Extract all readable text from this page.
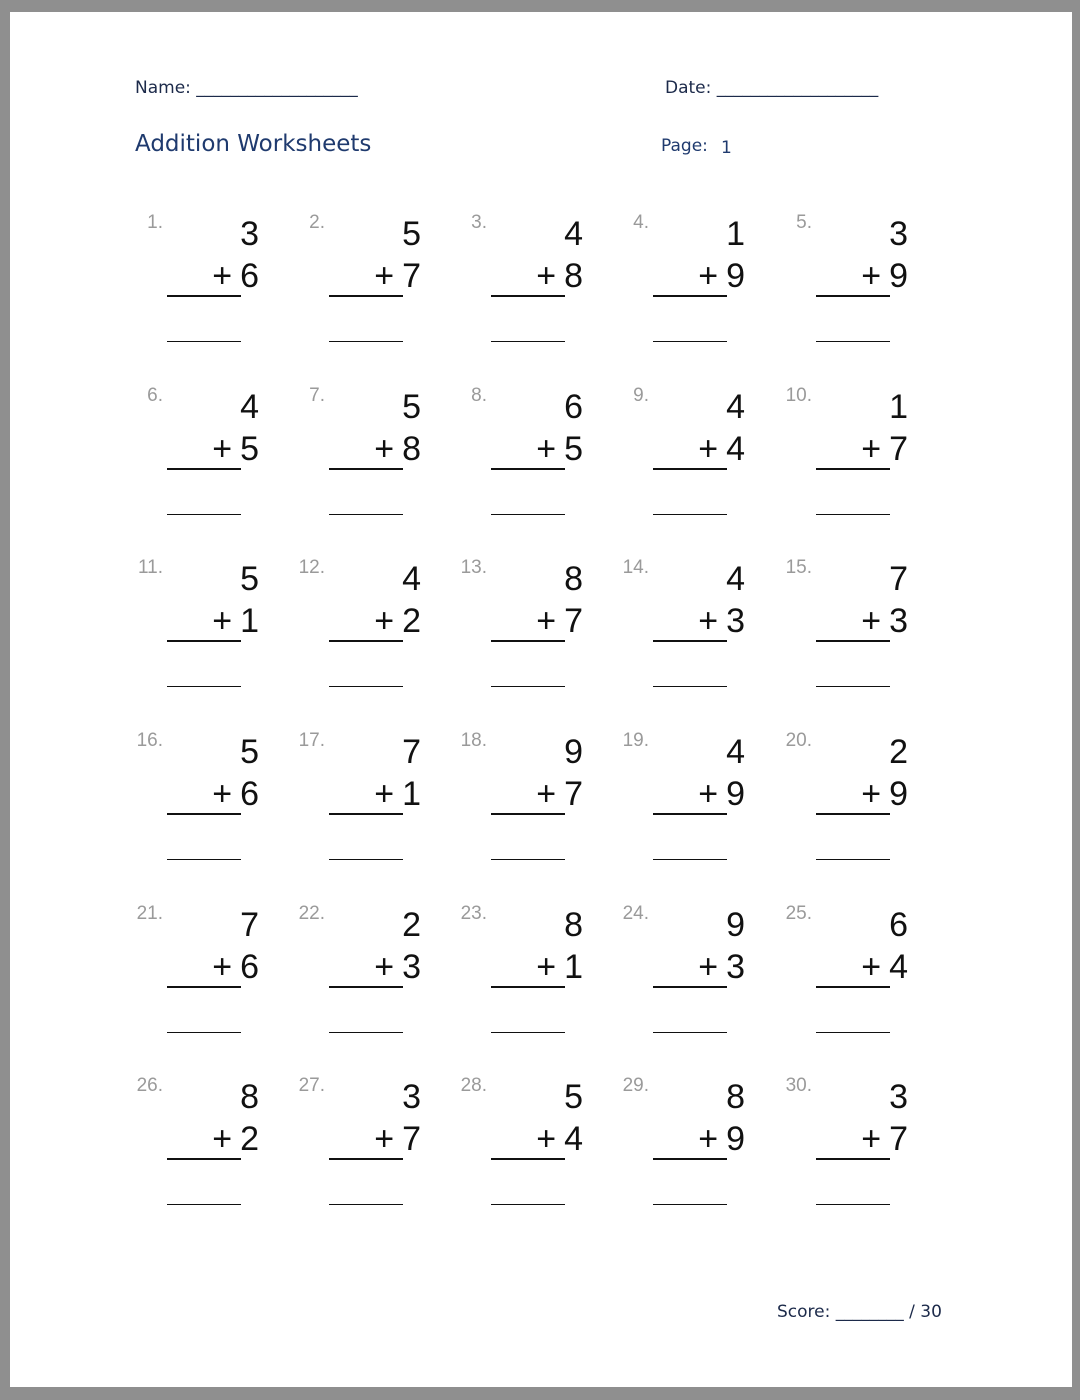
Name: ___________________	Date: ___________________
Addition Worksheets	Page: 1
1. 3
+ 6
2. 5
+ 7
3. 4
+ 8
4. 1
+ 9
5. 3
+ 9
6. 4
+ 5
7. 5
+ 8
8. 6
+ 5
9. 4
+ 4
10. 1
+ 7
11. 5
+ 1
12. 4
+ 2
13. 8
+ 7
14. 4
+ 3
15. 7
+ 3
16. 5
+ 6
17. 7
+ 1
18. 9
+ 7
19. 4
+ 9
20. 2
+ 9
21. 7
+ 6
22. 2
+ 3
23. 8
+ 1
24. 9
+ 3
25. 6
+ 4
26. 8
+ 2
27. 3
+ 7
28. 5
+ 4
29. 8
+ 9
30. 3
+ 7
Score: ________ / 30
